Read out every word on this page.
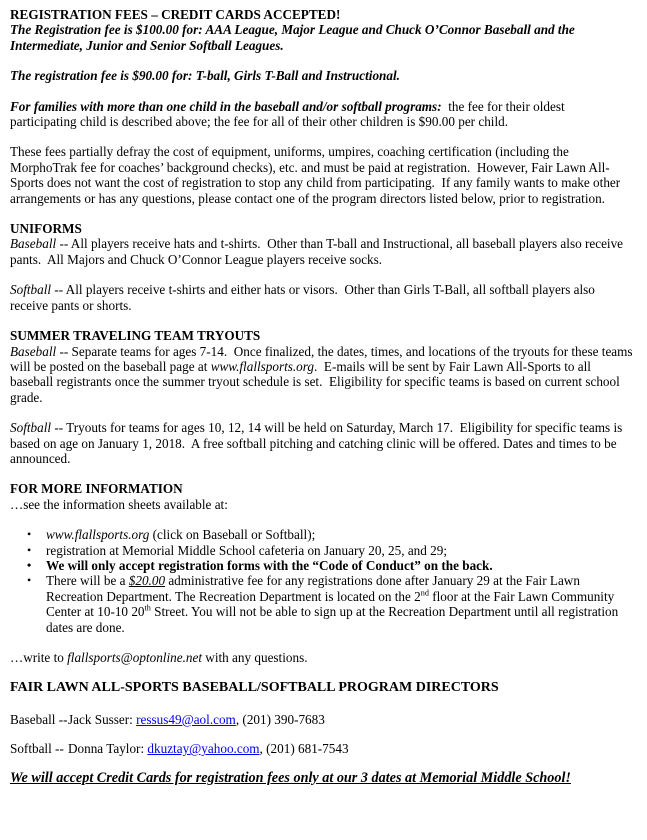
REGISTRATION FEES – CREDIT CARDS ACCEPTED!

The Registration fee is $100.00 for: AAA League, Major League and Chuck O’Connor Baseball and the Intermediate, Junior and Senior Softball Leagues.

The registration fee is $90.00 for: T-ball, Girls T-Ball and Instructional.

For families with more than one child in the baseball and/or softball programs:  the fee for their oldest participating child is described above; the fee for all of their other children is $90.00 per child.

These fees partially defray the cost of equipment, uniforms, umpires, coaching certification (including the MorphoTrak fee for coaches’ background checks), etc. and must be paid at registration.  However, Fair Lawn All-Sports does not want the cost of registration to stop any child from participating.  If any family wants to make other arrangements or has any questions, please contact one of the program directors listed below, prior to registration.

UNIFORMS

Baseball -- All players receive hats and t-shirts.  Other than T-ball and Instructional, all baseball players also receive pants.  All Majors and Chuck O’Connor League players receive socks.

Softball -- All players receive t-shirts and either hats or visors.  Other than Girls T-Ball, all softball players also receive pants or shorts.

SUMMER TRAVELING TEAM TRYOUTS

Baseball -- Separate teams for ages 7-14.  Once finalized, the dates, times, and locations of the tryouts for these teams will be posted on the baseball page at www.flallsports.org.  E-mails will be sent by Fair Lawn All-Sports to all baseball registrants once the summer tryout schedule is set.  Eligibility for specific teams is based on current school grade.

Softball -- Tryouts for teams for ages 10, 12, 14 will be held on Saturday, March 17.  Eligibility for specific teams is based on age on January 1, 2018.  A free softball pitching and catching clinic will be offered. Dates and times to be announced.

FOR MORE INFORMATION

…see the information sheets available at:

• www.flallsports.org (click on Baseball or Softball);
• registration at Memorial Middle School cafeteria on January 20, 25, and 29;
• We will only accept registration forms with the “Code of Conduct” on the back.
• There will be a $20.00 administrative fee for any registrations done after January 29 at the Fair Lawn Recreation Department. The Recreation Department is located on the 2nd floor at the Fair Lawn Community Center at 10-10 20th Street. You will not be able to sign up at the Recreation Department until all registration dates are done.

…write to flallsports@optonline.net with any questions.

FAIR LAWN ALL-SPORTS BASEBALL/SOFTBALL PROGRAM DIRECTORS
Baseball --Jack Susser: ressus49@aol.com, (201) 390-7683
Softball -- Donna Taylor: dkuztay@yahoo.com, (201) 681-7543
We will accept Credit Cards for registration fees only at our 3 dates at Memorial Middle School!
